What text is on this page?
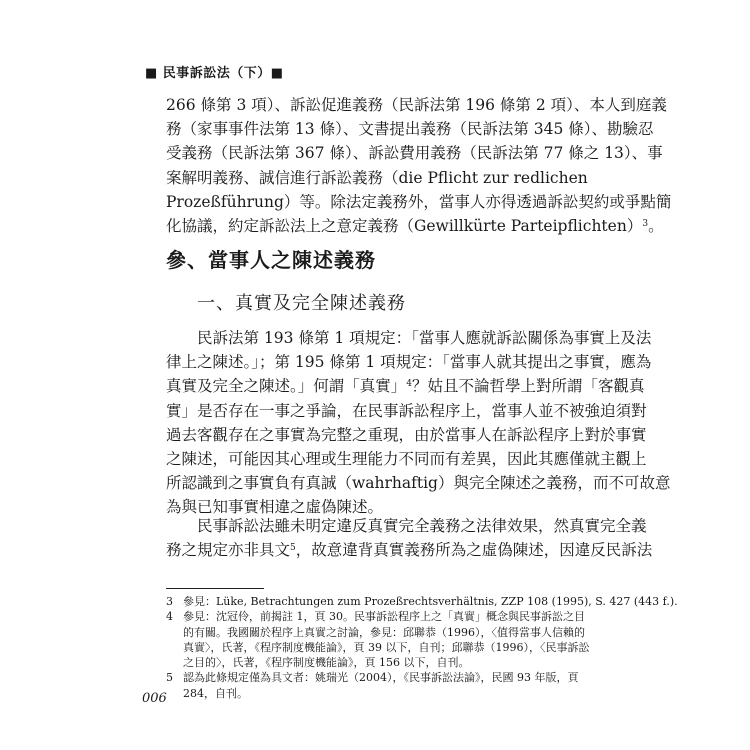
■ 民事訴訟法（下）■

266 條第 3 項）、訴訟促進義務（民訴法第 196 條第 2 項）、本人到庭義

務（家事事件法第 13 條）、文書提出義務（民訴法第 345 條）、勘驗忍

受義務（民訴法第 367 條）、訴訟費用義務（民訴法第 77 條之 13）、事

案解明義務、誠信進行訴訟義務（die Pflicht zur redlichen

Prozeßführung）等。除法定義務外，當事人亦得透過訴訟契約或爭點簡

化協議，約定訴訟法上之意定義務（Gewillkürte Parteipflichten）$^3$。

參、當事人之陳述義務
一、真實及完全陳述義務

民訴法第 193 條第 1 項規定：「當事人應就訴訟關係為事實上及法

律上之陳述。」；第 195 條第 1 項規定：「當事人就其提出之事實，應為

真實及完全之陳述。」何謂「真實」$^4$？姑且不論哲學上對所謂「客觀真

實」是否存在一事之爭論，在民事訴訟程序上，當事人並不被強迫須對

過去客觀存在之事實為完整之重現，由於當事人在訴訟程序上對於事實

之陳述，可能因其心理或生理能力不同而有差異，因此其應僅就主觀上

所認識到之事實負有真誠（wahrhaftig）與完全陳述之義務，而不可故意

為與已知事實相違之虛偽陳述。

民事訴訟法雖未明定違反真實完全義務之法律效果，然真實完全義

務之規定亦非具文$^5$，故意違背真實義務所為之虛偽陳述，因違反民訴法

3 參見：Lüke, Betrachtungen zum Prozeßrechtsverhältnis, ZZP 108 (1995), S. 427 (443 f.).
4 參見：沈冠伶，前揭註 1，頁 30。民事訴訟程序上之「真實」概念與民事訴訟之目
的有關。我國關於程序上真實之討論，參見：邱聯恭（1996），〈值得當事人信賴的
真實〉，氏著，《程序制度機能論》，頁 39 以下，自刊；邱聯恭（1996），〈民事訴訟
之目的〉，氏著，《程序制度機能論》，頁 156 以下，自刊。
5 認為此條規定僅為具文者：姚瑞光（2004），《民事訴訟法論》，民國 93 年版，頁
284，自刊。
006
